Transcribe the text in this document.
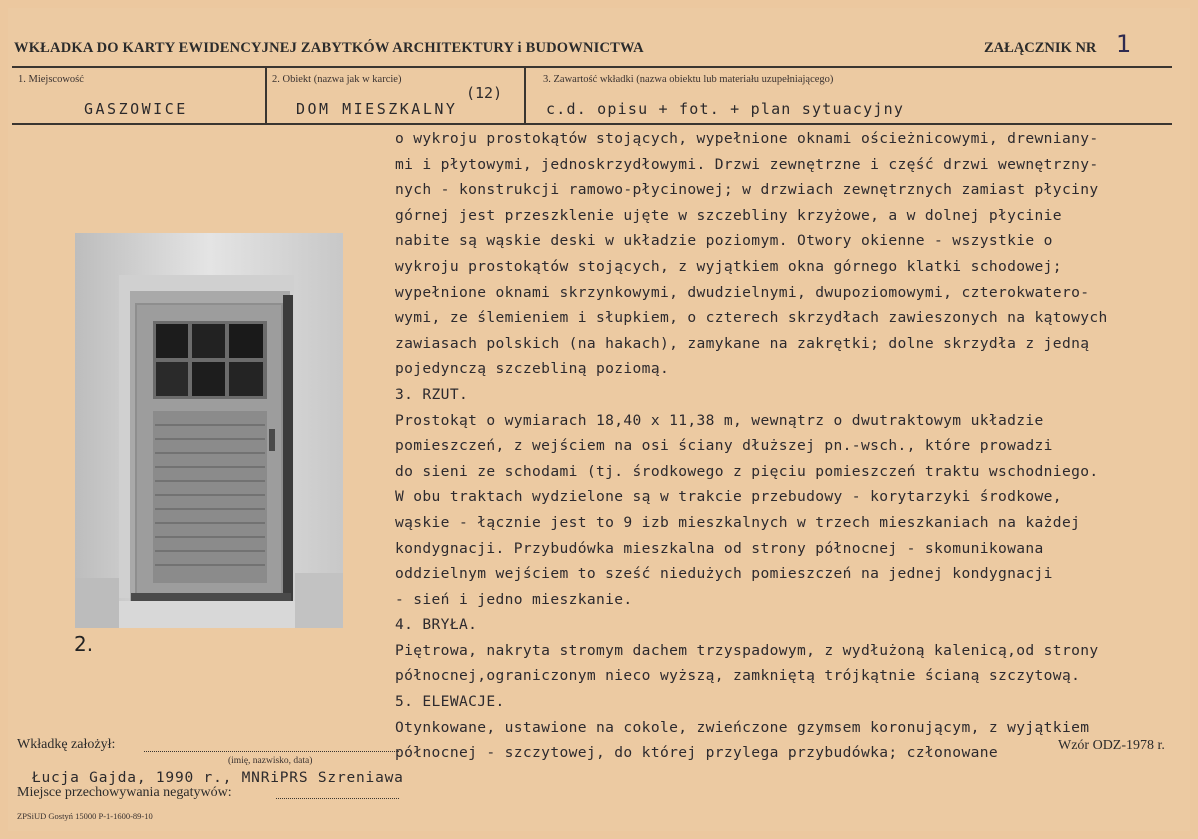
WKŁADKA DO KARTY EWIDENCYJNEJ ZABYTKÓW ARCHITEKTURY i BUDOWNICTWA	ZAŁĄCZNIK NR 1
1. Miejscowość
GASZOWICE
2. Obiekt (nazwa jak w karcie)
(12)
DOM MIESZKALNY
3. Zawartość wkładki (nazwa obiektu lub materiału uzupełniającego)
c.d. opisu + fot. + plan sytuacyjny
o wykroju prostokątów stojących, wypełnione oknami ościeżnicowymi, drewniany-
mi i płytowymi, jednoskrzydłowymi. Drzwi zewnętrzne i część drzwi wewnętrzny-
nych - konstrukcji ramowo-płycinowej; w drzwiach zewnętrznych zamiast płyciny
górnej jest przeszklenie ujęte w szczebliny krzyżowe, a w dolnej płycinie
nabite są wąskie deski w układzie poziomym. Otwory okienne - wszystkie o
wykroju prostokątów stojących, z wyjątkiem okna górnego klatki schodowej;
wypełnione oknami skrzynkowymi, dwudzielnymi, dwupoziomowymi, czterokwatero-
wymi, ze ślemieniem i słupkiem, o czterech skrzydłach zawieszonych na kątowych
zawiasach polskich (na hakach), zamykane na zakrętki; dolne skrzydła z jedną
pojedynczą szczebliną poziomą.
3. RZUT.
Prostokąt o wymiarach 18,40 x 11,38 m, wewnątrz o dwutraktowym układzie
pomieszczeń, z wejściem na osi ściany dłuższej pn.-wsch., które prowadzi
do sieni ze schodami (tj. środkowego z pięciu pomieszczeń traktu wschodniego.
W obu traktach wydzielone są w trakcie przebudowy - korytarzyki środkowe,
wąskie - łącznie jest to 9 izb mieszkalnych w trzech mieszkaniach na każdej
kondygnacji. Przybudówka mieszkalna od strony północnej - skomunikowana
oddzielnym wejściem to sześć niedużych pomieszczeń na jednej kondygnacji
- sień i jedno mieszkanie.
4. BRYŁA.
Piętrowa, nakryta stromym dachem trzyspadowym, z wydłużoną kalenicą,od strony
północnej,ograniczonym nieco wyższą, zamkniętą trójkątnie ścianą szczytową.
5. ELEWACJE.
Otynkowane, ustawione na cokole, zwieńczone gzymsem koronującym, z wyjątkiem
północnej - szczytowej, do której przylega przybudówka; członowane
2.
Wkładkę założył:
(imię, nazwisko, data)
Łucja Gajda, 1990 r., MNRiPRS Szreniawa
Miejsce przechowywania negatywów:
Wzór ODZ-1978 r.
ZPSiUD Gostyń 15000 P-1-1600-89-10
